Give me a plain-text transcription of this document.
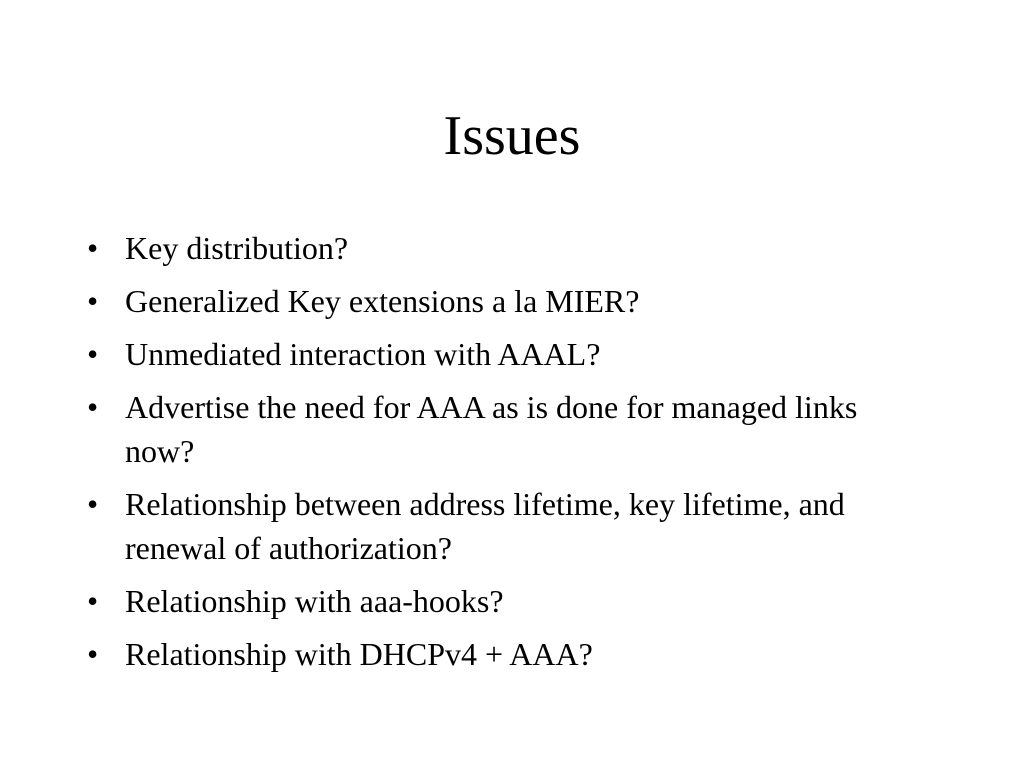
Issues
• Key distribution?
• Generalized Key extensions a la MIER?
• Unmediated interaction with AAAL?
• Advertise the need for AAA as is done for managed links now?
• Relationship between address lifetime, key lifetime, and renewal of authorization?
• Relationship with aaa-hooks?
• Relationship with DHCPv4 + AAA?
